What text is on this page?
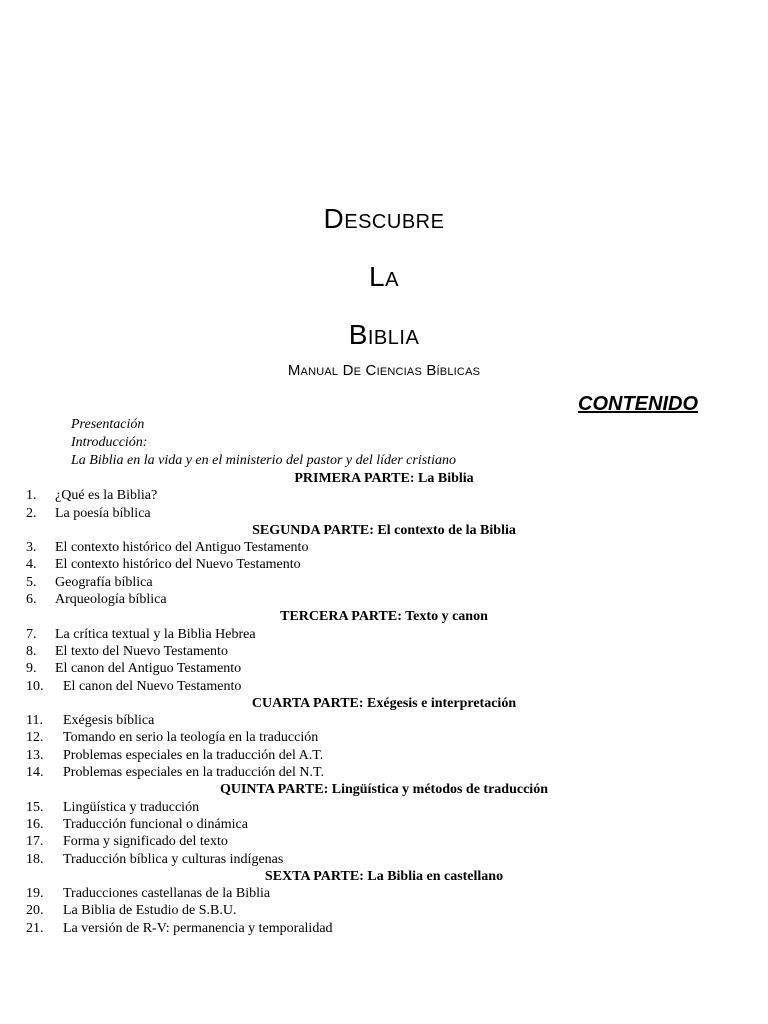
Descubre
La
Biblia
Manual De Ciencias Bíblicas
CONTENIDO
Presentación
Introducción:
La Biblia en la vida y en el ministerio del pastor y del líder cristiano
PRIMERA PARTE: La Biblia
1. ¿Qué es la Biblia?
2. La poesía bíblica
SEGUNDA PARTE: El contexto de la Biblia
3. El contexto histórico del Antiguo Testamento
4. El contexto histórico del Nuevo Testamento
5. Geografía bíblica
6. Arqueología bíblica
TERCERA PARTE: Texto y canon
7. La crítica textual y la Biblia Hebrea
8. El texto del Nuevo Testamento
9. El canon del Antiguo Testamento
10. El canon del Nuevo Testamento
CUARTA PARTE: Exégesis e interpretación
11. Exégesis bíblica
12. Tomando en serio la teología en la traducción
13. Problemas especiales en la traducción del A.T.
14. Problemas especiales en la traducción del N.T.
QUINTA PARTE: Lingüística y métodos de traducción
15. Lingüística y traducción
16. Traducción funcional o dinámica
17. Forma y significado del texto
18. Traducción bíblica y culturas indígenas
SEXTA PARTE: La Biblia en castellano
19. Traducciones castellanas de la Biblia
20. La Biblia de Estudio de S.B.U.
21. La versión de R-V: permanencia y temporalidad
